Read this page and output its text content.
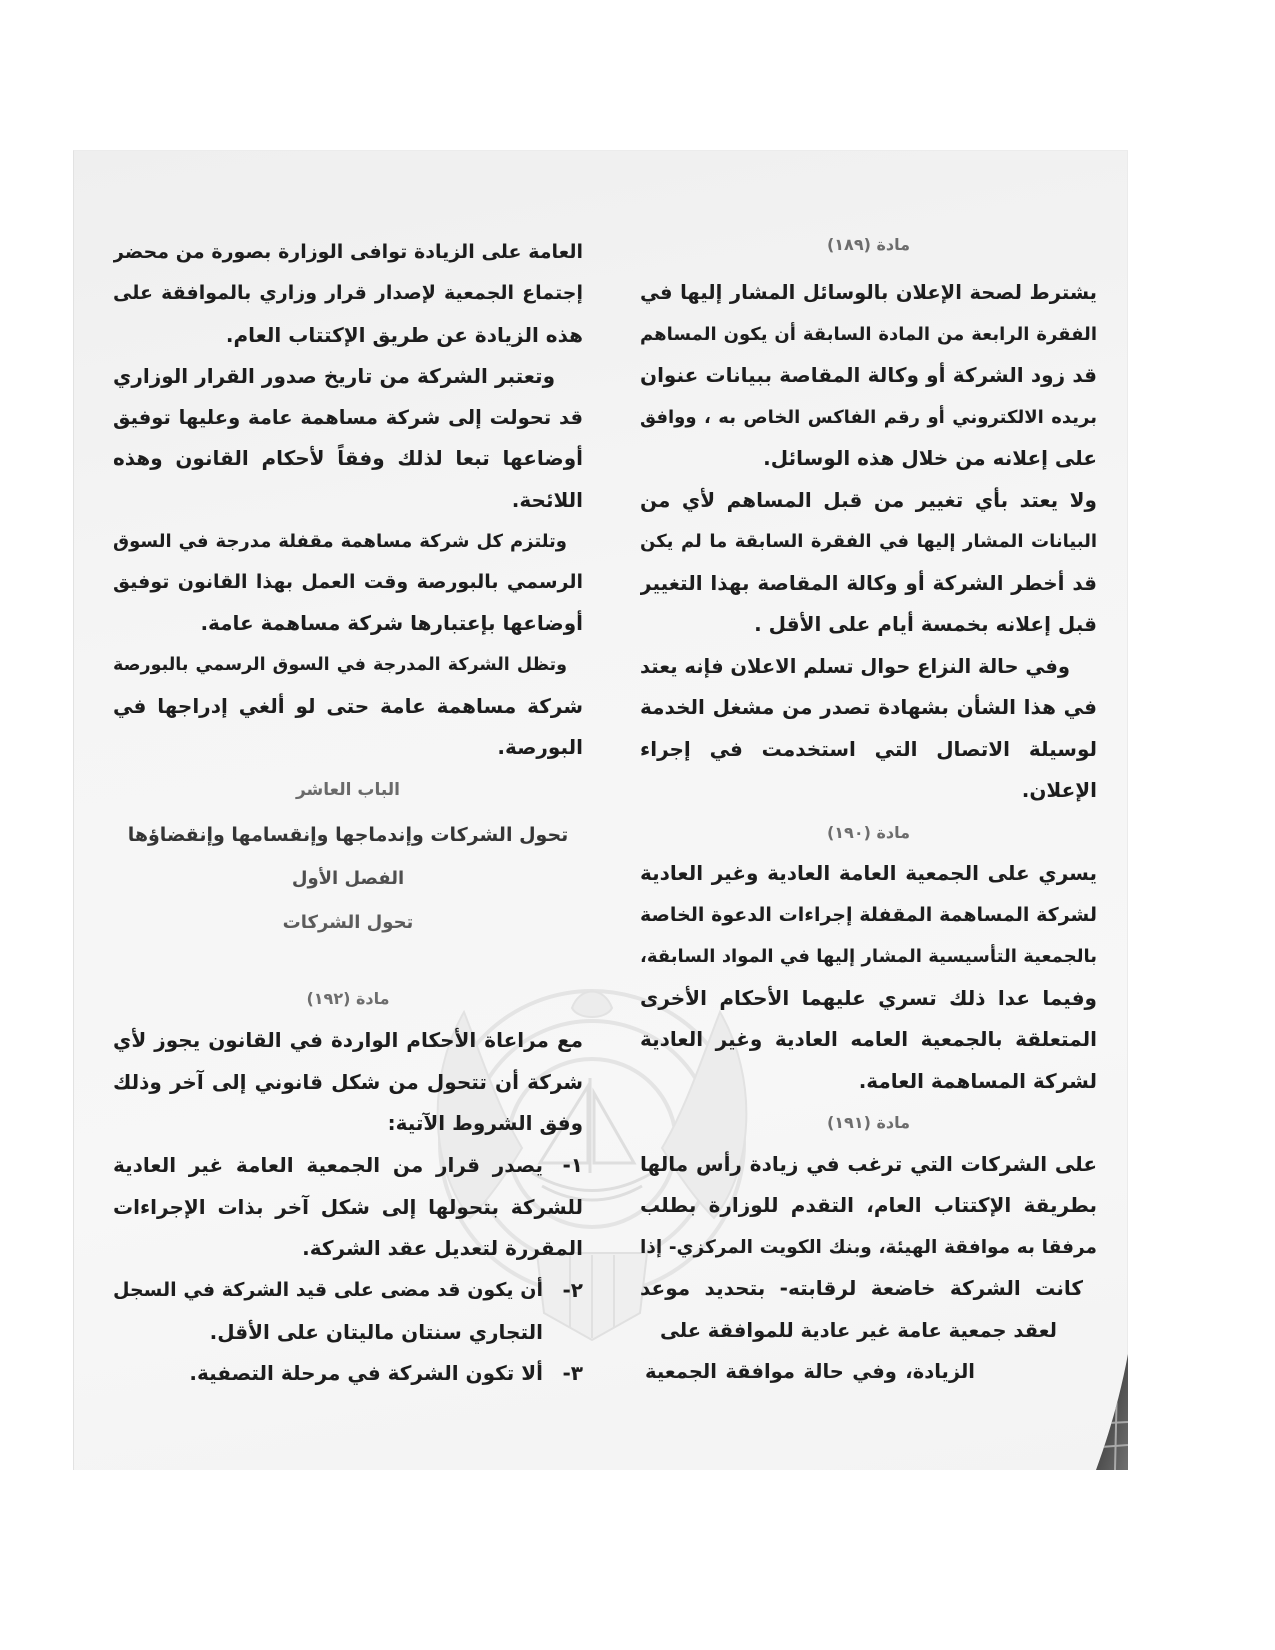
مادة (١٨٩)
يشترط لصحة الإعلان بالوسائل المشار إليها في
الفقرة الرابعة من المادة السابقة أن يكون المساهم
قد زود الشركة أو وكالة المقاصة ببيانات عنوان
بريده الالكتروني أو رقم الفاكس الخاص به ، ووافق
على إعلانه من خلال هذه الوسائل.
ولا يعتد بأي تغيير من قبل المساهم لأي من
البيانات المشار إليها في الفقرة السابقة ما لم يكن
قد أخطر الشركة أو وكالة المقاصة بهذا التغيير
قبل إعلانه بخمسة أيام على الأقل .
وفي حالة النزاع حوال تسلم الاعلان فإنه يعتد
في هذا الشأن بشهادة تصدر من مشغل الخدمة
لوسيلة الاتصال التي استخدمت في إجراء
الإعلان.
مادة (١٩٠)
يسري على الجمعية العامة العادية وغير العادية
لشركة المساهمة المقفلة إجراءات الدعوة الخاصة
بالجمعية التأسيسية المشار إليها في المواد السابقة،
وفيما عدا ذلك تسري عليهما الأحكام الأخرى
المتعلقة بالجمعية العامه العادية وغير العادية
لشركة المساهمة العامة.
مادة (١٩١)
على الشركات التي ترغب في زيادة رأس مالها
بطريقة الإكتتاب العام، التقدم للوزارة بطلب
مرفقا به موافقة الهيئة، وبنك الكويت المركزي- إذا
كانت الشركة خاضعة لرقابته- بتحديد موعد
لعقد جمعية عامة غير عادية للموافقة على
الزيادة، وفي حالة موافقة الجمعية
العامة على الزيادة توافى الوزارة بصورة من محضر
إجتماع الجمعية لإصدار قرار وزاري بالموافقة على
هذه الزيادة عن طريق الإكتتاب العام.
وتعتبر الشركة من تاريخ صدور القرار الوزاري
قد تحولت إلى شركة مساهمة عامة وعليها توفيق
أوضاعها تبعا لذلك وفقاً لأحكام القانون وهذه
اللائحة.
وتلتزم كل شركة مساهمة مقفلة مدرجة في السوق
الرسمي بالبورصة وقت العمل بهذا القانون توفيق
أوضاعها بإعتبارها شركة مساهمة عامة.
وتظل الشركة المدرجة في السوق الرسمي بالبورصة
شركة مساهمة عامة حتى لو ألغي إدراجها في
البورصة.
الباب العاشر
تحول الشركات وإندماجها وإنقسامها وإنقضاؤها
الفصل الأول
تحول الشركات
مادة (١٩٢)
مع مراعاة الأحكام الواردة في القانون يجوز لأي
شركة أن تتحول من شكل قانوني إلى آخر وذلك
وفق الشروط الآتية:
١-
يصدر قرار من الجمعية العامة غير العادية
للشركة بتحولها إلى شكل آخر بذات الإجراءات
المقررة لتعديل عقد الشركة.
٢-
أن يكون قد مضى على قيد الشركة في السجل
التجاري سنتان ماليتان على الأقل.
٣-
ألا تكون الشركة في مرحلة التصفية.
